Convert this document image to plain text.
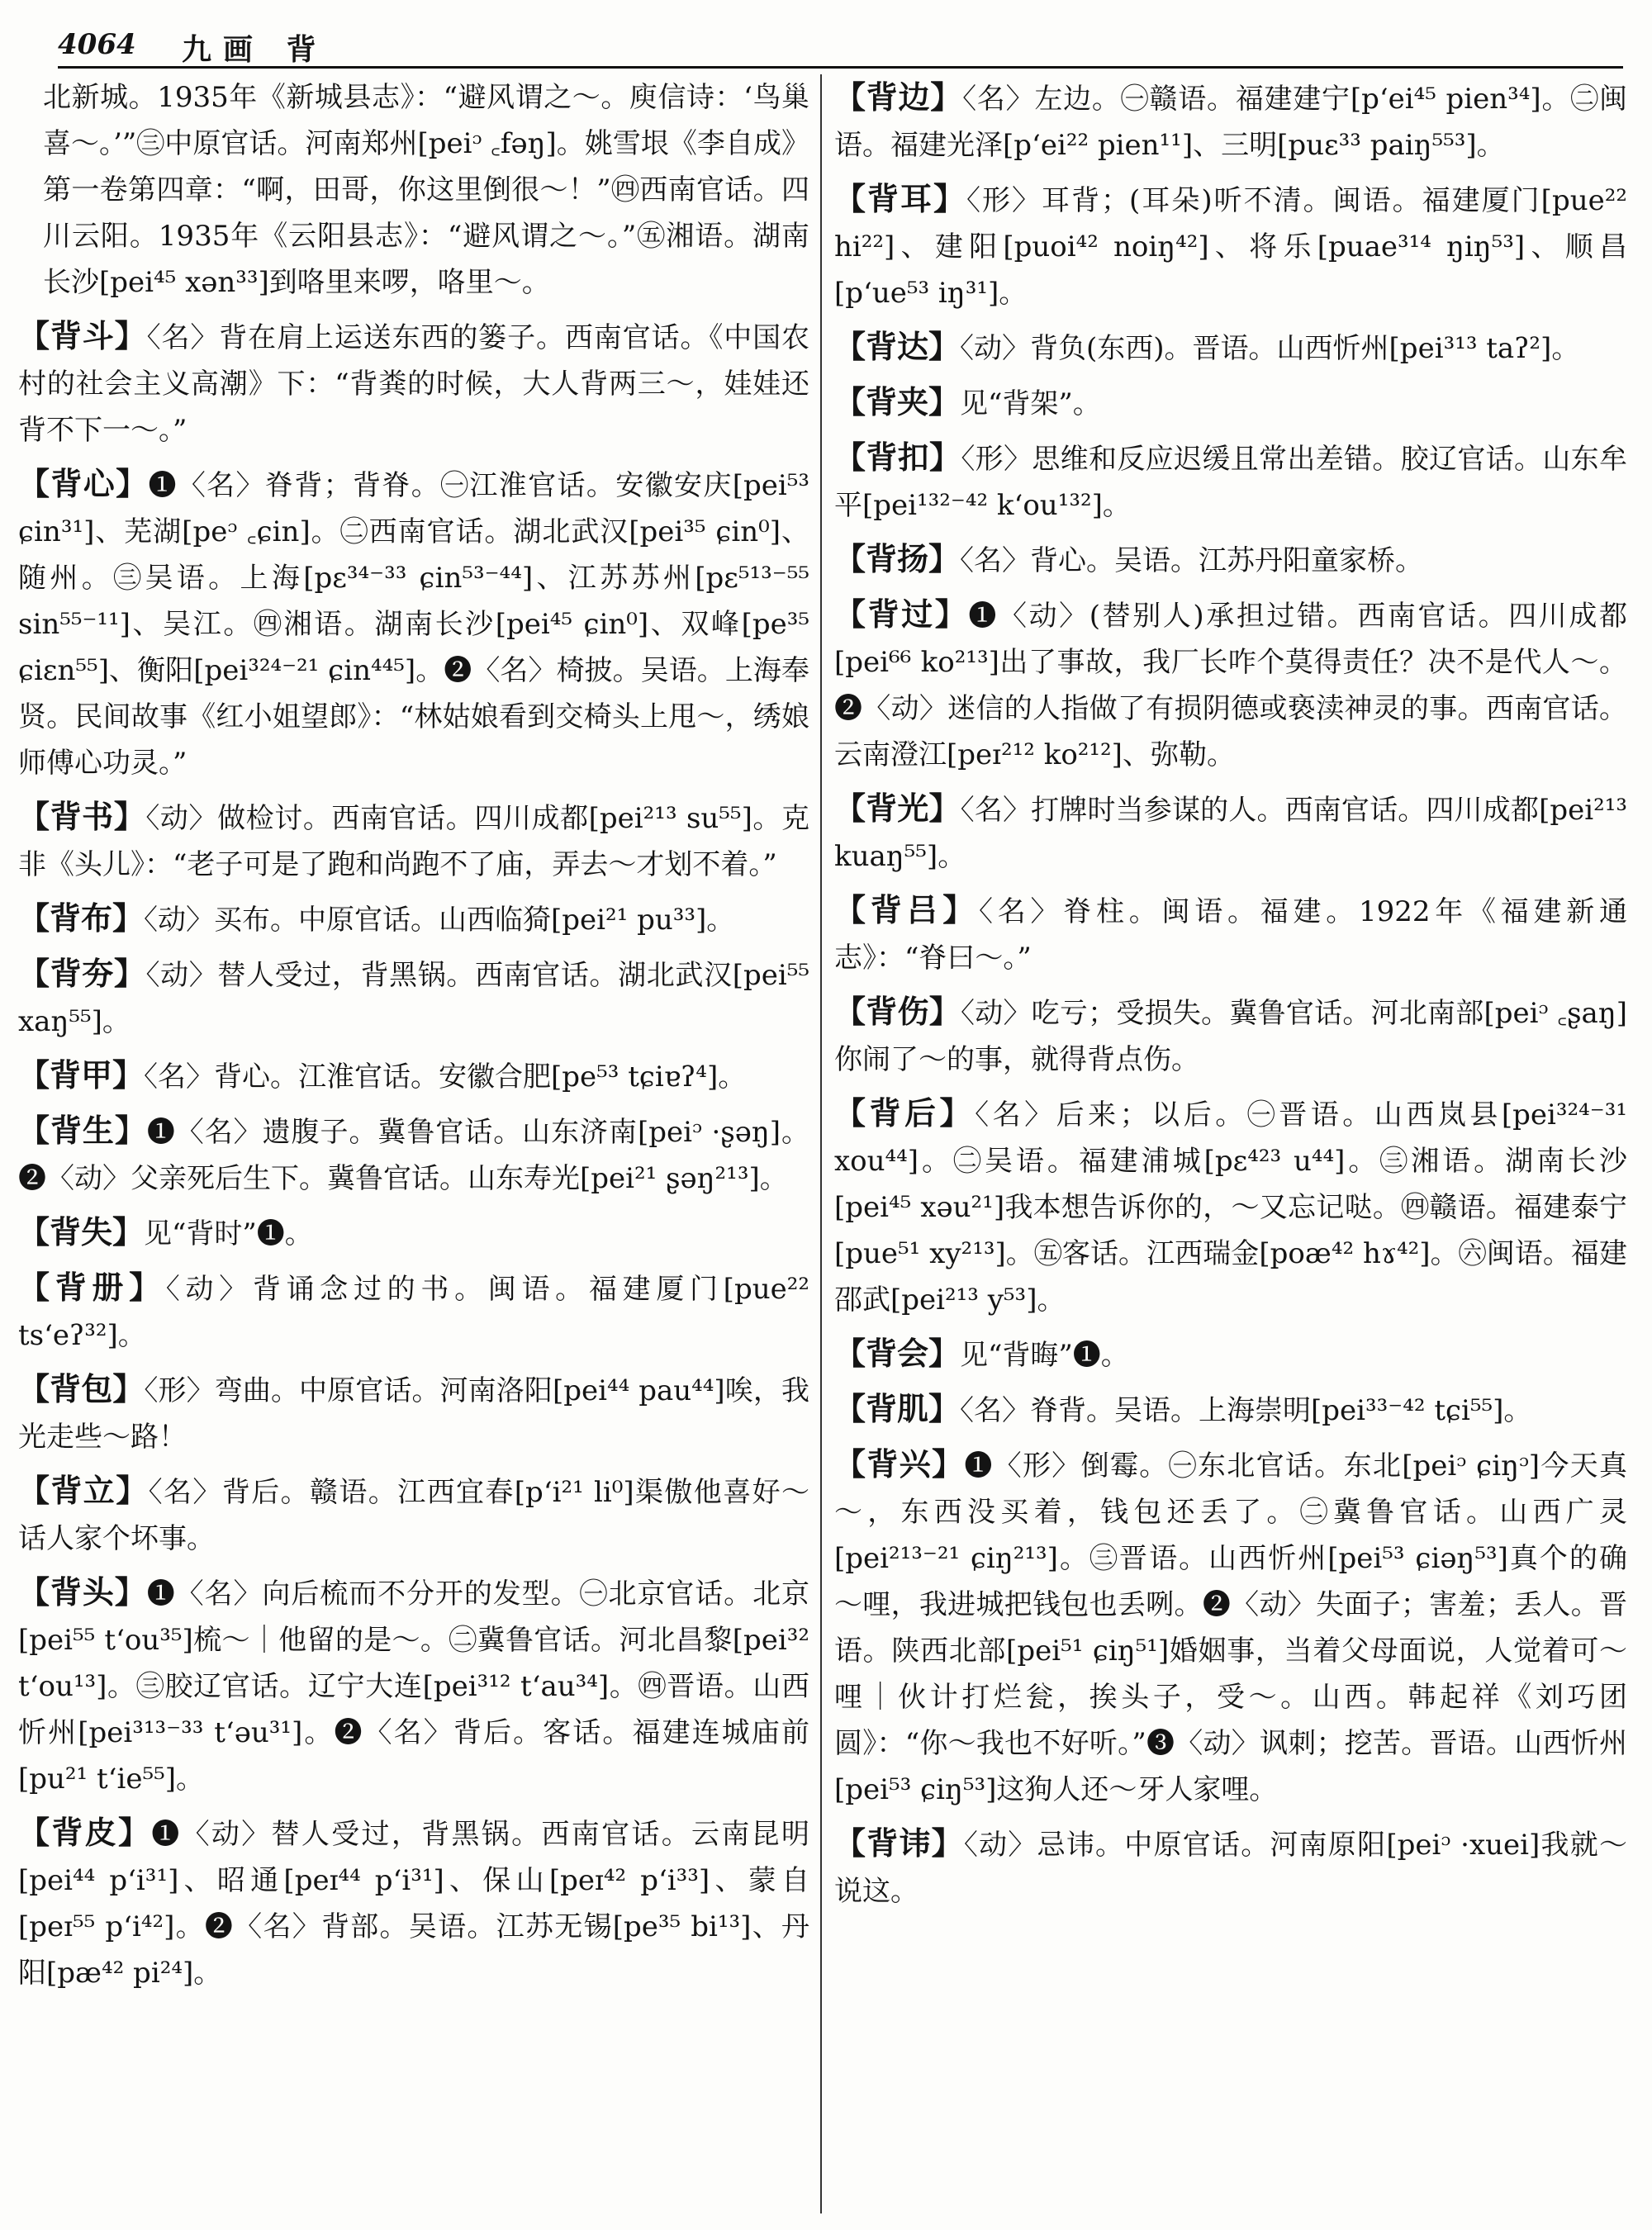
4064 九画 背

北新城。1935年《新城县志》：“避风谓之～。庾信诗：‘鸟巢喜～。’”㊂中原官话。河南郑州[peiᵓ ꜀fəŋ]。姚雪垠《李自成》第一卷第四章：“啊，田哥，你这里倒很～！”㊃西南官话。四川云阳。1935年《云阳县志》：“避风谓之～。”㊄湘语。湖南长沙[pei⁴⁵ xən³³]到咯里来啰，咯里～。

【背斗】〈名〉背在肩上运送东西的篓子。西南官话。《中国农村的社会主义高潮》下：“背粪的时候，大人背两三～，娃娃还背不下一～。”

【背心】❶〈名〉脊背；背脊。㊀江淮官话。安徽安庆[pei⁵³ ɕin³¹]、芜湖[peᵓ ꜀ɕin]。㊁西南官话。湖北武汉[pei³⁵ ɕin⁰]、随州。㊂吴语。上海[pɛ³⁴⁻³³ ɕin⁵³⁻⁴⁴]、江苏苏州[pɛ⁵¹³⁻⁵⁵ sin⁵⁵⁻¹¹]、吴江。㊃湘语。湖南长沙[pei⁴⁵ ɕin⁰]、双峰[pe³⁵ ɕiɛn⁵⁵]、衡阳[pei³²⁴⁻²¹ ɕin⁴⁴⁵]。❷〈名〉椅披。吴语。上海奉贤。民间故事《红小姐望郎》：“林姑娘看到交椅头上甩～，绣娘师傅心功灵。”

【背书】〈动〉做检讨。西南官话。四川成都[pei²¹³ su⁵⁵]。克非《头儿》：“老子可是了跑和尚跑不了庙，弄去～才划不着。”

【背布】〈动〉买布。中原官话。山西临猗[pei²¹ pu³³]。

【背夯】〈动〉替人受过，背黑锅。西南官话。湖北武汉[pei⁵⁵ xaŋ⁵⁵]。

【背甲】〈名〉背心。江淮官话。安徽合肥[pe⁵³ tɕiɐʔ⁴]。

【背生】❶〈名〉遗腹子。冀鲁官话。山东济南[peiᵓ ·ʂəŋ]。❷〈动〉父亲死后生下。冀鲁官话。山东寿光[pei²¹ ʂəŋ²¹³]。

【背失】见“背时”❶。

【背册】〈动〉背诵念过的书。闽语。福建厦门[pue²² ts‘eʔ³²]。

【背包】〈形〉弯曲。中原官话。河南洛阳[pei⁴⁴ pau⁴⁴]唉，我光走些～路！

【背立】〈名〉背后。赣语。江西宜春[p‘i²¹ li⁰]渠傲他喜好～话人家个坏事。

【背头】❶〈名〉向后梳而不分开的发型。㊀北京官话。北京[pei⁵⁵ t‘ou³⁵]梳～｜他留的是～。㊁冀鲁官话。河北昌黎[pei³² t‘ou¹³]。㊂胶辽官话。辽宁大连[pei³¹² t‘au³⁴]。㊃晋语。山西忻州[pei³¹³⁻³³ t‘əu³¹]。❷〈名〉背后。客话。福建连城庙前[pu²¹ t‘ie⁵⁵]。

【背皮】❶〈动〉替人受过，背黑锅。西南官话。云南昆明[pei⁴⁴ p‘i³¹]、昭通[peɪ⁴⁴ p‘i³¹]、保山[peɪ⁴² p‘i³³]、蒙自[peɪ⁵⁵ p‘i⁴²]。❷〈名〉背部。吴语。江苏无锡[pe³⁵ bi¹³]、丹阳[pæ⁴² pi²⁴]。

【背边】〈名〉左边。㊀赣语。福建建宁[p‘ei⁴⁵ pien³⁴]。㊁闽语。福建光泽[p‘ei²² pien¹¹]、三明[puɛ³³ paiŋ⁵⁵³]。

【背耳】〈形〉耳背；(耳朵)听不清。闽语。福建厦门[pue²² hi²²]、建阳[puoi⁴² noiŋ⁴²]、将乐[puae³¹⁴ ŋiŋ⁵³]、顺昌[p‘ue⁵³ iŋ³¹]。

【背达】〈动〉背负(东西)。晋语。山西忻州[pei³¹³ taʔ²]。

【背夹】见“背架”。

【背扣】〈形〉思维和反应迟缓且常出差错。胶辽官话。山东牟平[pei¹³²⁻⁴² k‘ou¹³²]。

【背扬】〈名〉背心。吴语。江苏丹阳童家桥。

【背过】❶〈动〉(替别人)承担过错。西南官话。四川成都[pei⁶⁶ ko²¹³]出了事故，我厂长咋个莫得责任？决不是代人～。❷〈动〉迷信的人指做了有损阴德或亵渎神灵的事。西南官话。云南澄江[peɪ²¹² ko²¹²]、弥勒。

【背光】〈名〉打牌时当参谋的人。西南官话。四川成都[pei²¹³ kuaŋ⁵⁵]。

【背吕】〈名〉脊柱。闽语。福建。1922年《福建新通志》：“脊曰～。”

【背伤】〈动〉吃亏；受损失。冀鲁官话。河北南部[peiᵓ ꜀ʂaŋ]你闹了～的事，就得背点伤。

【背后】〈名〉后来；以后。㊀晋语。山西岚县[pei³²⁴⁻³¹ xou⁴⁴]。㊁吴语。福建浦城[pɛ⁴²³ u⁴⁴]。㊂湘语。湖南长沙[pei⁴⁵ xəu²¹]我本想告诉你的，～又忘记哒。㊃赣语。福建泰宁[pue⁵¹ xy²¹³]。㊄客话。江西瑞金[poæ⁴² hɤ⁴²]。㊅闽语。福建邵武[pei²¹³ y⁵³]。

【背会】见“背晦”❶。

【背肌】〈名〉脊背。吴语。上海崇明[pei³³⁻⁴² tɕi⁵⁵]。

【背兴】❶〈形〉倒霉。㊀东北官话。东北[peiᵓ ɕiŋᵓ]今天真～，东西没买着，钱包还丢了。㊁冀鲁官话。山西广灵[pei²¹³⁻²¹ ɕiŋ²¹³]。㊂晋语。山西忻州[pei⁵³ ɕiəŋ⁵³]真个的确～哩，我进城把钱包也丢咧。❷〈动〉失面子；害羞；丢人。晋语。陕西北部[pei⁵¹ ɕiŋ⁵¹]婚姻事，当着父母面说，人觉着可～哩｜伙计打烂瓮，挨头子，受～。山西。韩起祥《刘巧团圆》：“你～我也不好听。”❸〈动〉讽刺；挖苦。晋语。山西忻州[pei⁵³ ɕiŋ⁵³]这狗人还～牙人家哩。

【背讳】〈动〉忌讳。中原官话。河南原阳[peiᵓ ·xuei]我就～说这。
